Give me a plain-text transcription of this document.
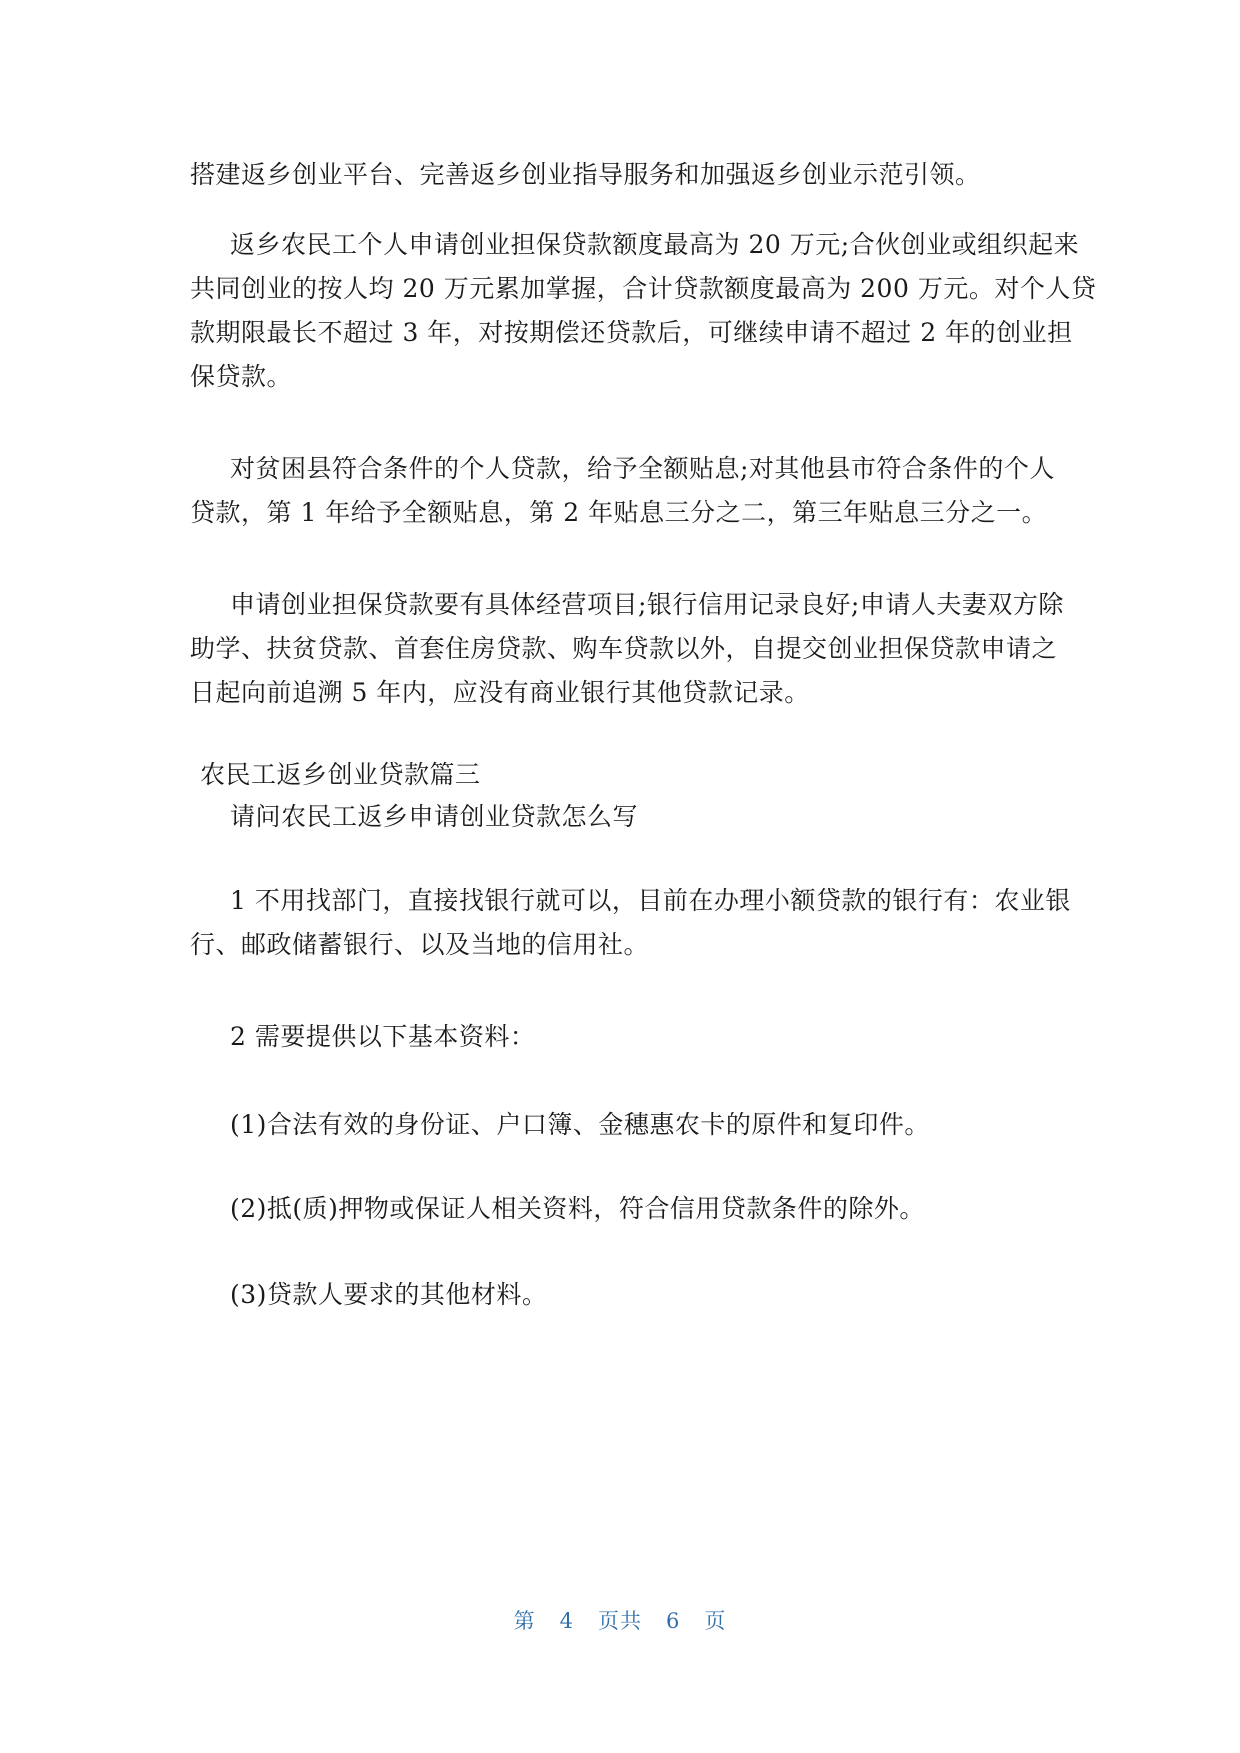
搭建返乡创业平台、完善返乡创业指导服务和加强返乡创业示范引领。
返乡农民工个人申请创业担保贷款额度最高为 20 万元;合伙创业或组织起来
共同创业的按人均 20 万元累加掌握，合计贷款额度最高为 200 万元。对个人贷
款期限最长不超过 3 年，对按期偿还贷款后，可继续申请不超过 2 年的创业担
保贷款。
对贫困县符合条件的个人贷款，给予全额贴息;对其他县市符合条件的个人
贷款，第 1 年给予全额贴息，第 2 年贴息三分之二，第三年贴息三分之一。
申请创业担保贷款要有具体经营项目;银行信用记录良好;申请人夫妻双方除
助学、扶贫贷款、首套住房贷款、购车贷款以外，自提交创业担保贷款申请之
日起向前追溯 5 年内，应没有商业银行其他贷款记录。
农民工返乡创业贷款篇三
请问农民工返乡申请创业贷款怎么写
1 不用找部门，直接找银行就可以，目前在办理小额贷款的银行有：农业银
行、邮政储蓄银行、以及当地的信用社。
2 需要提供以下基本资料：
(1)合法有效的身份证、户口簿、金穗惠农卡的原件和复印件。
(2)抵(质)押物或保证人相关资料，符合信用贷款条件的除外。
(3)贷款人要求的其他材料。
第 4 页共 6 页
